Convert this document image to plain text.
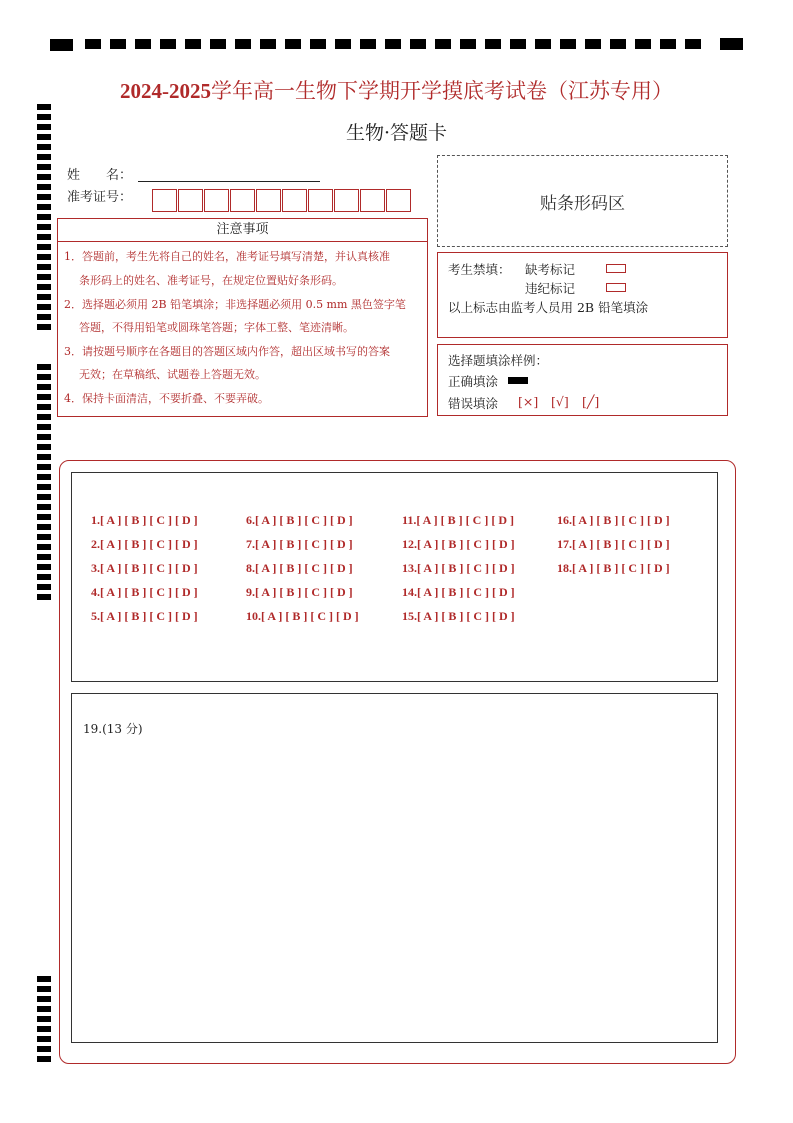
2024-2025学年高一生物下学期开学摸底考试卷（江苏专用）
生物·答题卡
姓　　名：
准考证号：	贴条形码区
注意事项
1．答题前，考生先将自己的姓名，准考证号填写清楚，并认真核准
条形码上的姓名、准考证号，在规定位置贴好条形码。
2．选择题必须用 2B 铅笔填涂；非选择题必须用 0.5 mm 黑色签字笔
答题，不得用铅笔或圆珠笔答题；字体工整、笔迹清晰。
3．请按题号顺序在各题目的答题区域内作答，超出区域书写的答案
无效；在草稿纸、试题卷上答题无效。
4．保持卡面清洁，不要折叠、不要弄破。
考生禁填： 缺考标记
违纪标记
以上标志由监考人员用 2B 铅笔填涂
选择题填涂样例：
正确填涂
错误填涂 [×] [√] [╱]
1.[ A ] [ B ] [ C ] [ D ]
2.[ A ] [ B ] [ C ] [ D ]
3.[ A ] [ B ] [ C ] [ D ]
4.[ A ] [ B ] [ C ] [ D ]
5.[ A ] [ B ] [ C ] [ D ]
6.[ A ] [ B ] [ C ] [ D ]
7.[ A ] [ B ] [ C ] [ D ]
8.[ A ] [ B ] [ C ] [ D ]
9.[ A ] [ B ] [ C ] [ D ]
10.[ A ] [ B ] [ C ] [ D ]
11.[ A ] [ B ] [ C ] [ D ]
12.[ A ] [ B ] [ C ] [ D ]
13.[ A ] [ B ] [ C ] [ D ]
14.[ A ] [ B ] [ C ] [ D ]
15.[ A ] [ B ] [ C ] [ D ]
16.[ A ] [ B ] [ C ] [ D ]
17.[ A ] [ B ] [ C ] [ D ]
18.[ A ] [ B ] [ C ] [ D ]
19.(13 分)
